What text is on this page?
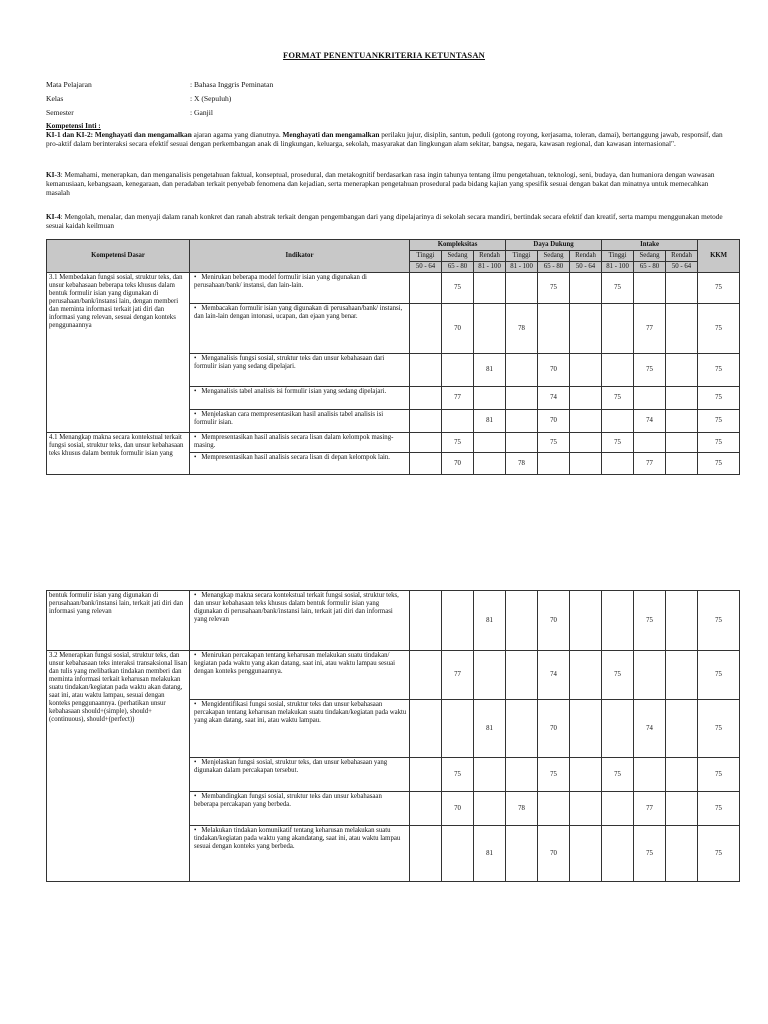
FORMAT PENENTUANKRITERIA KETUNTASAN
Mata Pelajaran	: Bahasa Inggris Peminatan
Kelas	: X (Sepuluh)
Semester	: Ganjil
Kompetensi Inti :
KI-1 dan KI-2: Menghayati dan mengamalkan ajaran agama yang dianutnya. Menghayati dan mengamalkan perilaku jujur, disiplin, santun, peduli (gotong royong, kerjasama, toleran, damai), bertanggung jawab, responsif, dan pro-aktif dalam berinteraksi secara efektif sesuai dengan perkembangan anak di lingkungan, keluarga, sekolah, masyarakat dan lingkungan alam sekitar, bangsa, negara, kawasan regional, dan kawasan internasional".
KI-3: Memahami, menerapkan, dan menganalisis pengetahuan faktual, konseptual, prosedural, dan metakognitif berdasarkan rasa ingin tahunya tentang ilmu pengetahuan, teknologi, seni, budaya, dan humaniora dengan wawasan kemanusiaan, kebangsaan, kenegaraan, dan peradaban terkait penyebab fenomena dan kejadian, serta menerapkan pengetahuan prosedural pada bidang kajian yang spesifik sesuai dengan bakat dan minatnya untuk memecahkan masalah
KI-4: Mengolah, menalar, dan menyaji dalam ranah konkret dan ranah abstrak terkait dengan pengembangan dari yang dipelajarinya di sekolah secara mandiri, bertindak secara efektif dan kreatif, serta mampu menggunakan metode sesuai kaidah keilmuan
Kompetensi Dasar	Indikator	Kompleksitas			Daya Dukung			Intake			KKM
		Tinggi	Sedang	Rendah	Tinggi	Sedang	Rendah	Tinggi	Sedang	Rendah	
		50 - 64	65 - 80	81 - 100	81 - 100	65 - 80	50 - 64	81 - 100	65 - 80	50 - 64	
3.1 Membedakan fungsi sosial, struktur teks, dan unsur kebahasaan beberapa teks khusus dalam bentuk formulir isian yang digunakan di perusahaan/bank/instansi lain, dengan memberi dan meminta informasi terkait jati diri dan informasi yang relevan, sesuai dengan konteks penggunaannya	• Menirukan beberapa model formulir isian yang digunakan di perusahaan/bank/ instansi, dan lain-lain.		75			75		75			75
	• Membacakan formulir isian yang digunakan di perusahaan/bank/ instansi, dan lain-lain dengan intonasi, ucapan, dan ejaan yang benar.		70		78				77		75
	• Menganalisis fungsi sosial, struktur teks dan unsur kebahasaan dari formulir isian yang sedang dipelajari.			81		70			75		75
	• Menganalisis tabel analisis isi formulir isian yang sedang dipelajari.		77			74		75			75
	• Menjelaskan cara mempresentasikan hasil analisis tabel analisis isi formulir isian.			81		70			74		75
4.1 Menangkap makna secara kontekstual terkait fungsi sosial, struktur teks, dan unsur kebahasaan teks khusus dalam bentuk formulir isian yang	• Mempresentasikan hasil analisis secara lisan dalam kelompok masing-masing.		75			75		75			75
	• Mempresentasikan hasil analisis secara lisan di depan kelompok lain.		70		78				77		75
bentuk formulir isian yang digunakan di perusahaan/bank/instansi lain, terkait jati diri dan informasi yang relevan	• Menangkap makna secara kontekstual terkait fungsi sosial, struktur teks, dan unsur kebahasaan teks khusus dalam bentuk formulir isian yang digunakan di perusahaan/bank/instansi lain, terkait jati diri dan informasi yang relevan			81		70			75		75
3.2 Menerapkan fungsi sosial, struktur teks, dan unsur kebahasaan teks interaksi transaksional lisan dan tulis yang melibatkan tindakan memberi dan meminta informasi terkait keharusan melakukan suatu tindakan/kegiatan pada waktu akan datang, saat ini, atau waktu lampau, sesuai dengan konteks penggunaannya. (perhatikan unsur kebahasaan should+(simple), should+(continuous), should+(perfect))	• Menirukan percakapan tentang keharusan melakukan suatu tindakan/ kegiatan pada waktu yang akan datang, saat ini, atau waktu lampau sesuai dengan konteks penggunaannya.		77			74		75			75
	• Mengidentifikasi fungsi sosial, struktur teks dan unsur kebahasaan percakapan tentang keharusan melakukan suatu tindakan/kegiatan pada waktu yang akan datang, saat ini, atau waktu lampau.			81		70			74		75
	• Menjelaskan fungsi sosial, struktur teks, dan unsur kebahasaan yang digunakan dalam percakapan tersebut.		75			75		75			75
	• Membandingkan fungsi sosial, struktur teks dan unsur kebahasaan beberapa percakapan yang berbeda.		70		78				77		75
	• Melakukan tindakan komunikatif tentang keharusan melakukan suatu tindakan/kegiatan pada waktu yang akandatang, saat ini, atau waktu lampau sesuai dengan konteks yang berbeda.			81		70			75		75
